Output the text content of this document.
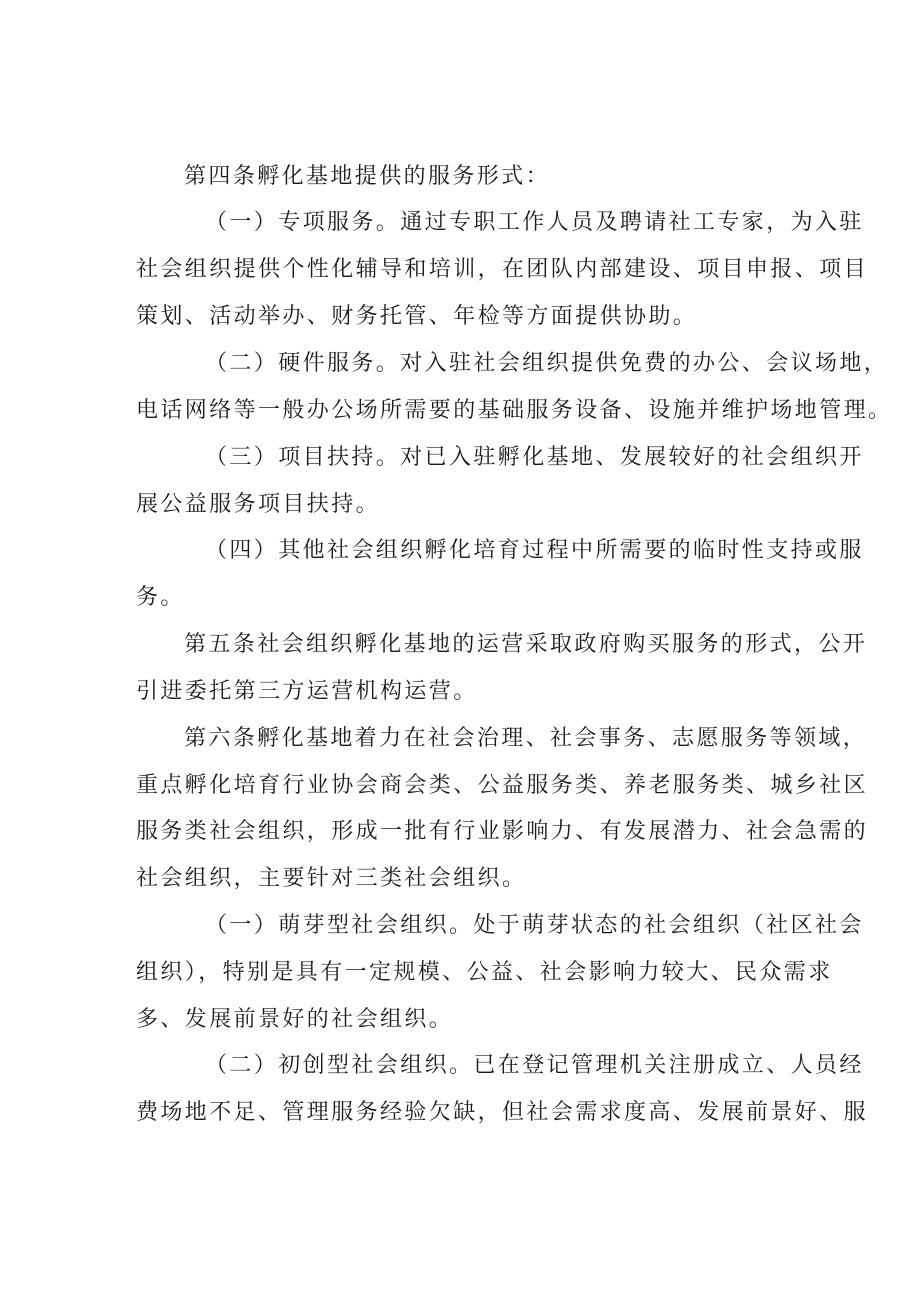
第四条孵化基地提供的服务形式：
（一）专项服务。通过专职工作人员及聘请社工专家，为入驻
社会组织提供个性化辅导和培训，在团队内部建设、项目申报、项目
策划、活动举办、财务托管、年检等方面提供协助。
（二）硬件服务。对入驻社会组织提供免费的办公、会议场地，
电话网络等一般办公场所需要的基础服务设备、设施并维护场地管理。
（三）项目扶持。对已入驻孵化基地、发展较好的社会组织开
展公益服务项目扶持。
（四）其他社会组织孵化培育过程中所需要的临时性支持或服
务。
第五条社会组织孵化基地的运营采取政府购买服务的形式，公开
引进委托第三方运营机构运营。
第六条孵化基地着力在社会治理、社会事务、志愿服务等领域，
重点孵化培育行业协会商会类、公益服务类、养老服务类、城乡社区
服务类社会组织，形成一批有行业影响力、有发展潜力、社会急需的
社会组织，主要针对三类社会组织。
（一）萌芽型社会组织。处于萌芽状态的社会组织（社区社会
组织），特别是具有一定规模、公益、社会影响力较大、民众需求
多、发展前景好的社会组织。
（二）初创型社会组织。已在登记管理机关注册成立、人员经
费场地不足、管理服务经验欠缺，但社会需求度高、发展前景好、服
